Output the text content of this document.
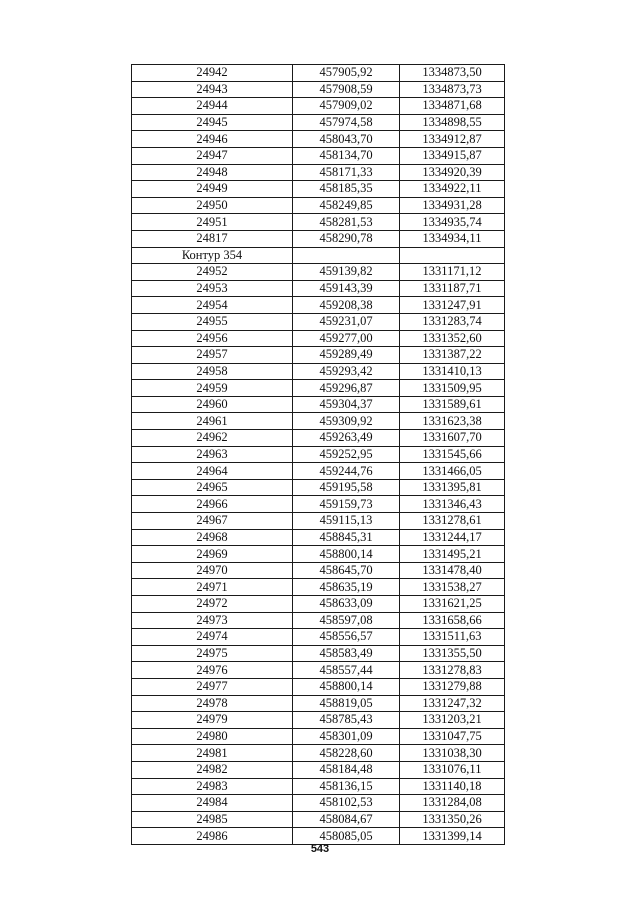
24942	457905,92	1334873,50
24943	457908,59	1334873,73
24944	457909,02	1334871,68
24945	457974,58	1334898,55
24946	458043,70	1334912,87
24947	458134,70	1334915,87
24948	458171,33	1334920,39
24949	458185,35	1334922,11
24950	458249,85	1334931,28
24951	458281,53	1334935,74
24817	458290,78	1334934,11
Контур 354		
24952	459139,82	1331171,12
24953	459143,39	1331187,71
24954	459208,38	1331247,91
24955	459231,07	1331283,74
24956	459277,00	1331352,60
24957	459289,49	1331387,22
24958	459293,42	1331410,13
24959	459296,87	1331509,95
24960	459304,37	1331589,61
24961	459309,92	1331623,38
24962	459263,49	1331607,70
24963	459252,95	1331545,66
24964	459244,76	1331466,05
24965	459195,58	1331395,81
24966	459159,73	1331346,43
24967	459115,13	1331278,61
24968	458845,31	1331244,17
24969	458800,14	1331495,21
24970	458645,70	1331478,40
24971	458635,19	1331538,27
24972	458633,09	1331621,25
24973	458597,08	1331658,66
24974	458556,57	1331511,63
24975	458583,49	1331355,50
24976	458557,44	1331278,83
24977	458800,14	1331279,88
24978	458819,05	1331247,32
24979	458785,43	1331203,21
24980	458301,09	1331047,75
24981	458228,60	1331038,30
24982	458184,48	1331076,11
24983	458136,15	1331140,18
24984	458102,53	1331284,08
24985	458084,67	1331350,26
24986	458085,05	1331399,14
543
